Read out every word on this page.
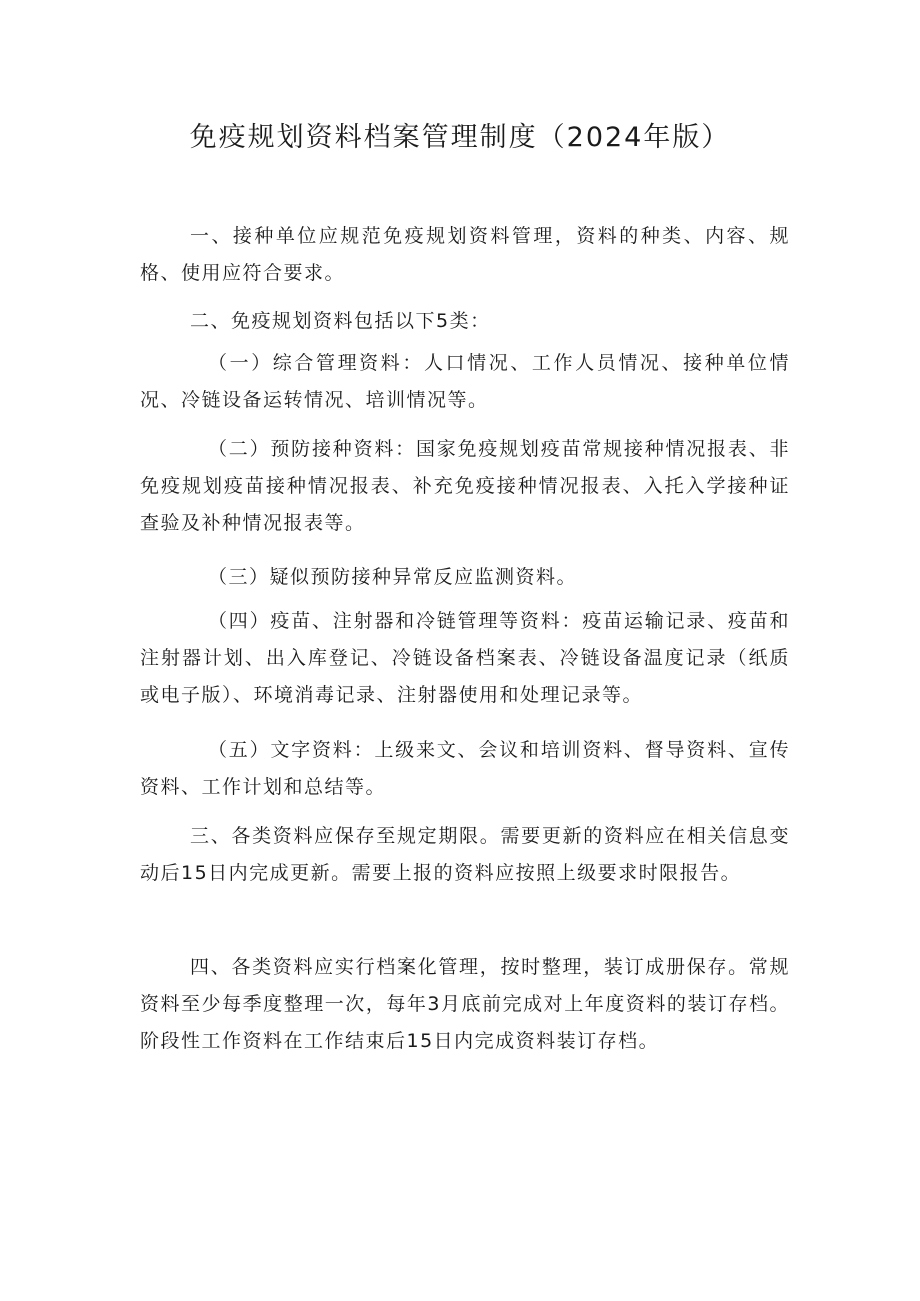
免疫规划资料档案管理制度（2024年版）

一、接种单位应规范免疫规划资料管理，资料的种类、内容、规格、使用应符合要求。

二、免疫规划资料包括以下5类：

（一）综合管理资料：人口情况、工作人员情况、接种单位情况、冷链设备运转情况、培训情况等。

（二）预防接种资料：国家免疫规划疫苗常规接种情况报表、非免疫规划疫苗接种情况报表、补充免疫接种情况报表、入托入学接种证查验及补种情况报表等。

（三）疑似预防接种异常反应监测资料。

（四）疫苗、注射器和冷链管理等资料：疫苗运输记录、疫苗和注射器计划、出入库登记、冷链设备档案表、冷链设备温度记录（纸质或电子版）、环境消毒记录、注射器使用和处理记录等。

（五）文字资料：上级来文、会议和培训资料、督导资料、宣传资料、工作计划和总结等。

三、各类资料应保存至规定期限。需要更新的资料应在相关信息变动后15日内完成更新。需要上报的资料应按照上级要求时限报告。

四、各类资料应实行档案化管理，按时整理，装订成册保存。常规资料至少每季度整理一次，每年3月底前完成对上年度资料的装订存档。阶段性工作资料在工作结束后15日内完成资料装订存档。
